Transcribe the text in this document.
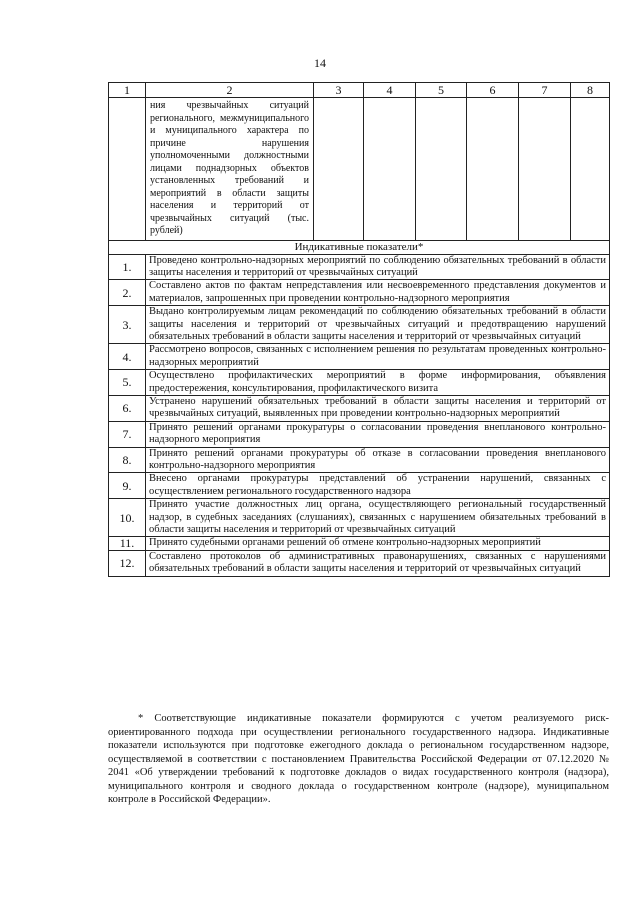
14
1	2	3	4	5	6	7	8
	ния чрезвычайных ситуаций регионального, межмуниципального и муниципального характера по причине нарушения уполномоченными должностными лицами поднадзорных объектов установленных требований и мероприятий в области защиты населения и территорий от чрезвычайных ситуаций (тыс. рублей)						
Индикативные показатели*							
1.	Проведено контрольно-надзорных мероприятий по соблюдению обязательных требований в области защиты населения и территорий от чрезвычайных ситуаций						
2.	Составлено актов по фактам непредставления или несвоевременного представления документов и материалов, запрошенных при проведении контрольно-надзорного мероприятия						
3.	Выдано контролируемым лицам рекомендаций по соблюдению обязательных требований в области защиты населения и территорий от чрезвычайных ситуаций и предотвращению нарушений обязательных требований в области защиты населения и территорий от чрезвычайных ситуаций						
4.	Рассмотрено вопросов, связанных с исполнением решения по результатам проведенных контрольно-надзорных мероприятий						
5.	Осуществлено профилактических мероприятий в форме информирования, объявления предостережения, консультирования, профилактического визита						
6.	Устранено нарушений обязательных требований в области защиты населения и территорий от чрезвычайных ситуаций, выявленных при проведении контрольно-надзорных мероприятий						
7.	Принято решений органами прокуратуры о согласовании проведения внепланового контрольно-надзорного мероприятия						
8.	Принято решений органами прокуратуры об отказе в согласовании проведения внепланового контрольно-надзорного мероприятия						
9.	Внесено органами прокуратуры представлений об устранении нарушений, связанных с осуществлением регионального государственного надзора						
10.	Принято участие должностных лиц органа, осуществляющего региональный государственный надзор, в судебных заседаниях (слушаниях), связанных с нарушением обязательных требований в области защиты населения и территорий от чрезвычайных ситуаций						
11.	Принято судебными органами решений об отмене контрольно-надзорных мероприятий						
12.	Составлено протоколов об административных правонарушениях, связанных с нарушениями обязательных требований в области защиты населения и территорий от чрезвычайных ситуаций						
* Соответствующие индикативные показатели формируются с учетом реализуемого риск-ориентированного подхода при осуществлении регионального государственного надзора. Индикативные показатели используются при подготовке ежегодного доклада о региональном государственном надзоре, осуществляемой в соответствии с постановлением Правительства Российской Федерации от 07.12.2020 № 2041 «Об утверждении требований к подготовке докладов о видах государственного контроля (надзора), муниципального контроля и сводного доклада о государственном контроле (надзоре), муниципальном контроле в Российской Федерации».
